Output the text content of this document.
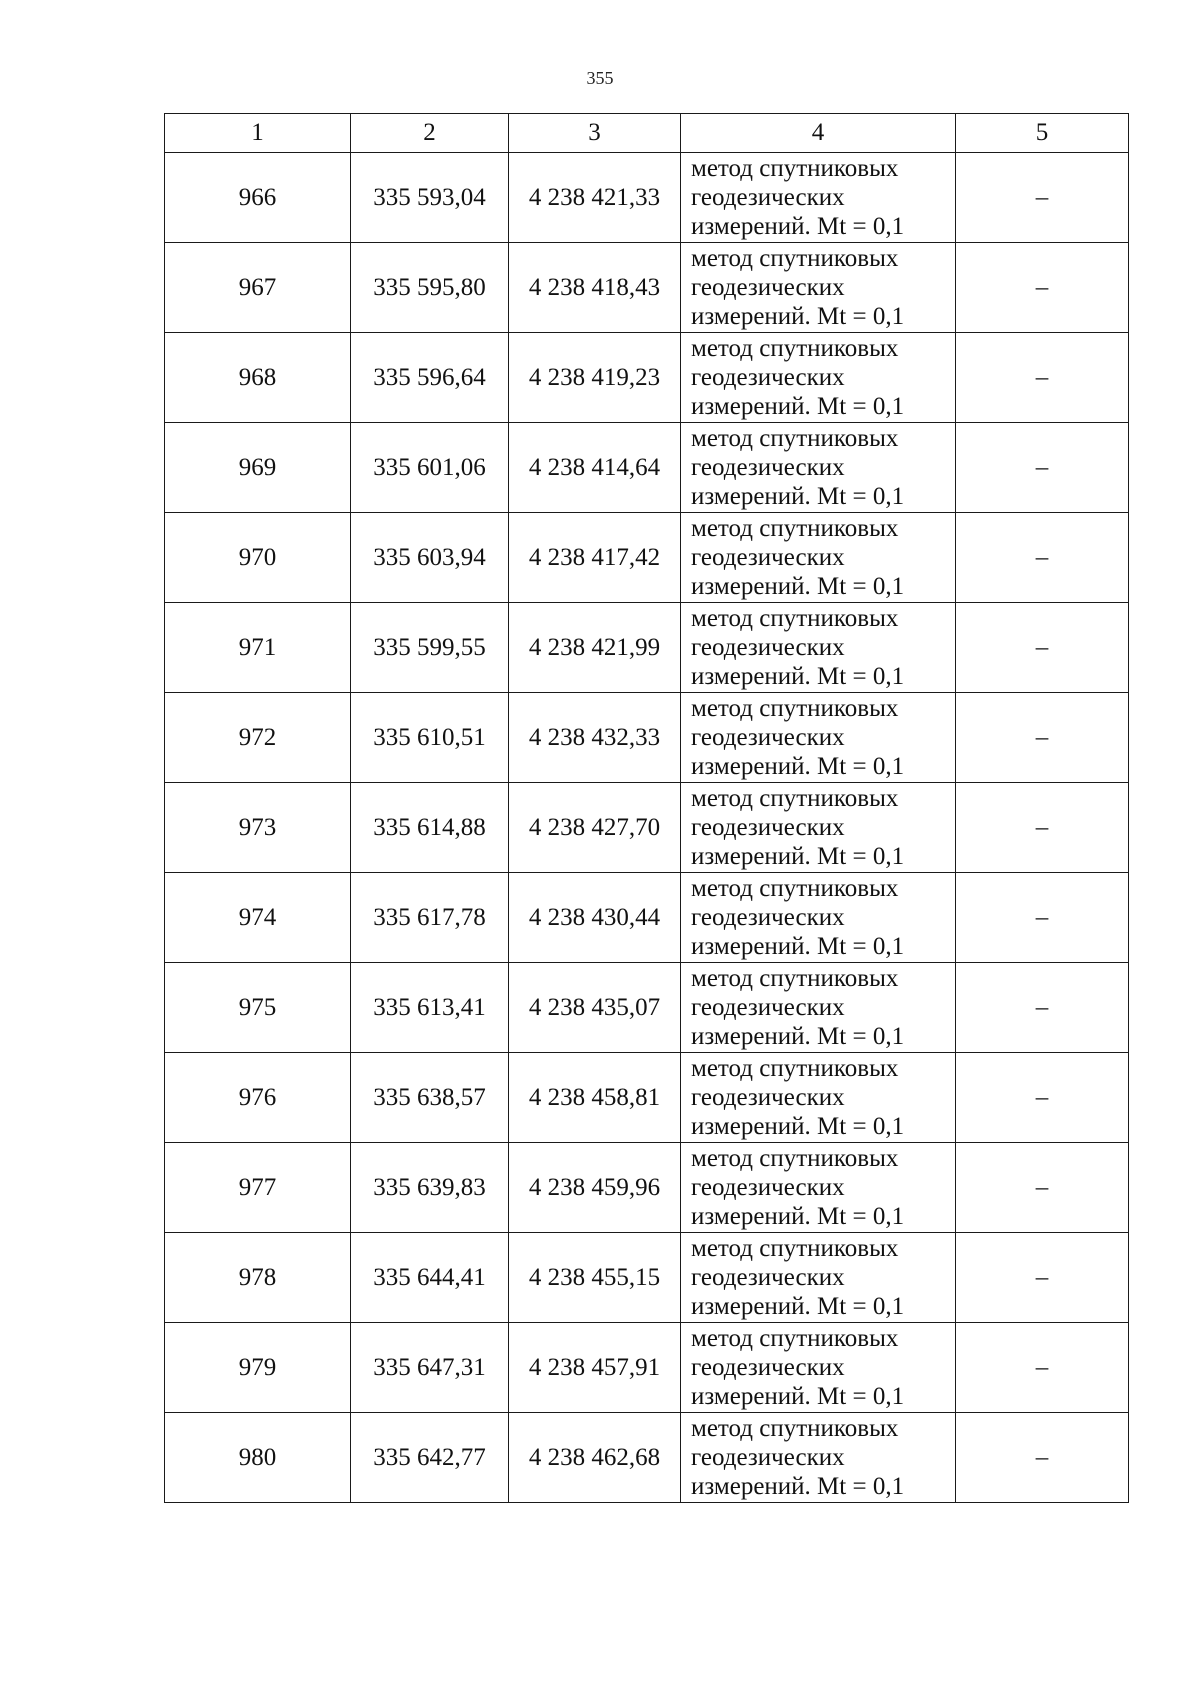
355
1	2	3	4	5
966	335 593,04	4 238 421,33	метод спутниковых
геодезических
измерений. Mt = 0,1	–
967	335 595,80	4 238 418,43	метод спутниковых
геодезических
измерений. Mt = 0,1	–
968	335 596,64	4 238 419,23	метод спутниковых
геодезических
измерений. Mt = 0,1	–
969	335 601,06	4 238 414,64	метод спутниковых
геодезических
измерений. Mt = 0,1	–
970	335 603,94	4 238 417,42	метод спутниковых
геодезических
измерений. Mt = 0,1	–
971	335 599,55	4 238 421,99	метод спутниковых
геодезических
измерений. Mt = 0,1	–
972	335 610,51	4 238 432,33	метод спутниковых
геодезических
измерений. Mt = 0,1	–
973	335 614,88	4 238 427,70	метод спутниковых
геодезических
измерений. Mt = 0,1	–
974	335 617,78	4 238 430,44	метод спутниковых
геодезических
измерений. Mt = 0,1	–
975	335 613,41	4 238 435,07	метод спутниковых
геодезических
измерений. Mt = 0,1	–
976	335 638,57	4 238 458,81	метод спутниковых
геодезических
измерений. Mt = 0,1	–
977	335 639,83	4 238 459,96	метод спутниковых
геодезических
измерений. Mt = 0,1	–
978	335 644,41	4 238 455,15	метод спутниковых
геодезических
измерений. Mt = 0,1	–
979	335 647,31	4 238 457,91	метод спутниковых
геодезических
измерений. Mt = 0,1	–
980	335 642,77	4 238 462,68	метод спутниковых
геодезических
измерений. Mt = 0,1	–
